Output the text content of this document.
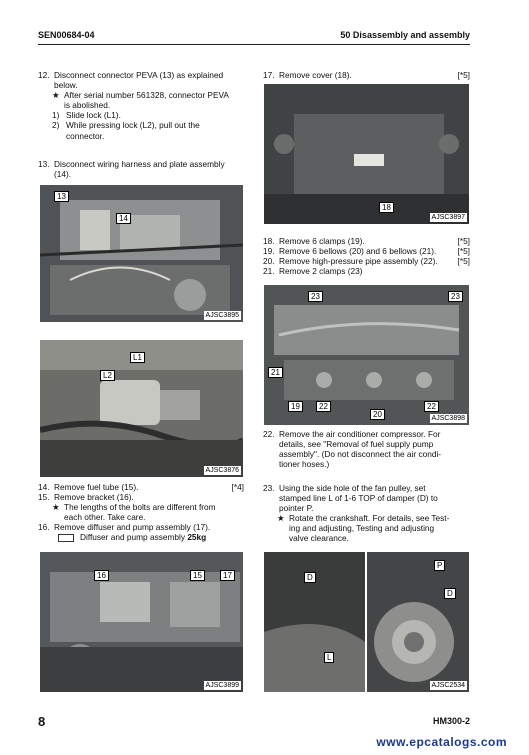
SEN00684-04	50 Disassembly and assembly
12. Disconnect connector PEVA (13) as explained
below.
★ After serial number 561328, connector PEVA
is abolished.
1) Slide lock (L1).
2) While pressing lock (L2), pull out the
connector.
13. Disconnect wiring harness and plate assembly
(14).
13
14
AJSC3895
L1
L2
AJSC3876
14. Remove fuel tube (15).	[*4]
15. Remove bracket (16).
★ The lengths of the bolts are different from
each other. Take care.
16. Remove diffuser and pump assembly (17).
Diffuser and pump assembly 25kg
16	15	17
AJSC3899
17. Remove cover (18).	[*5]
18
AJSC3897
18. Remove 6 clamps (19).	[*5]
19. Remove 6 bellows (20) and 6 bellows (21).	[*5]
20. Remove high-pressure pipe assembly (22). [*5]
21. Remove 2 clamps (23)
23	23
21
19	22
20
22
AJSC3898
22. Remove the air conditioner compressor. For
details, see "Removal of fuel supply pump
assembly". (Do not disconnect the air condi-
tioner hoses.)
23. Using the side hole of the fan pulley, set
stamped line L of 1-6 TOP of damper (D) to
pointer P.
★ Rotate the crankshaft. For details, see Test-
ing and adjusting, Testing and adjusting
valve clearance.
D
L
P
D
AJSC2534
8	HM300-2
www.epcatalogs.com
